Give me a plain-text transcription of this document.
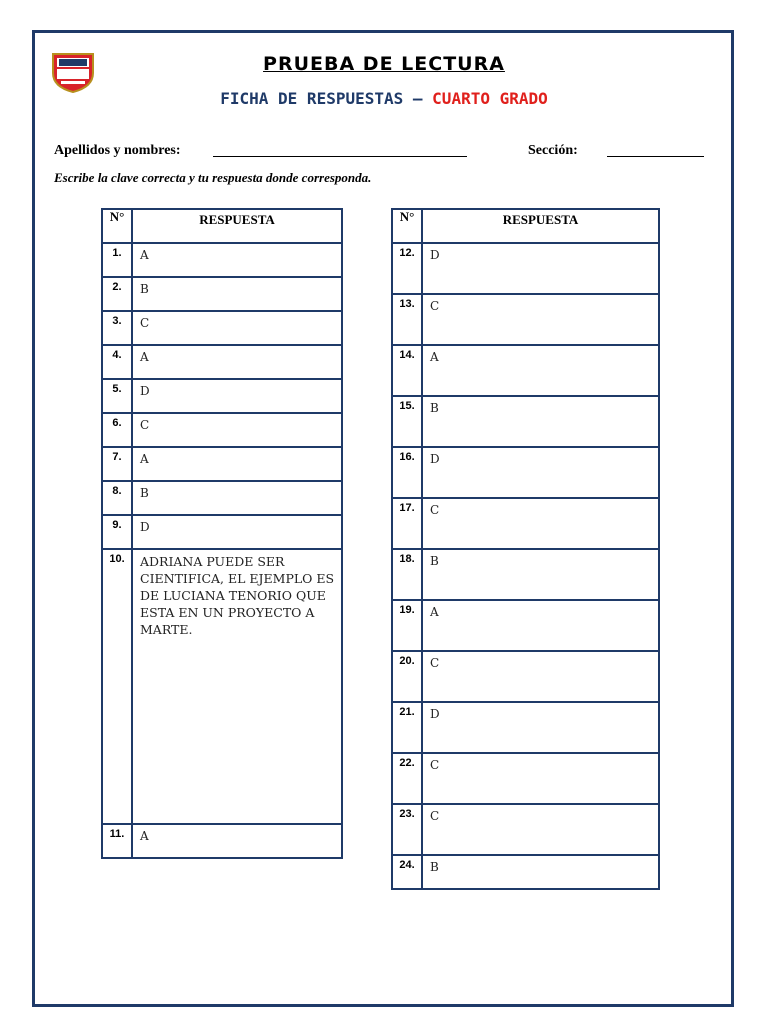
PRUEBA DE LECTURA
FICHA DE RESPUESTAS – CUARTO GRADO
Apellidos y nombres:	Sección:
Escribe la clave correcta y tu respuesta donde corresponda.
N°	RESPUESTA
1.	A
2.	B
3.	C
4.	A
5.	D
6.	C
7.	A
8.	B
9.	D
10.	ADRIANA PUEDE SER CIENTIFICA, EL EJEMPLO ES DE LUCIANA TENORIO QUE ESTA EN UN PROYECTO A MARTE.
11.	A
N°	RESPUESTA
12.	D
13.	C
14.	A
15.	B
16.	D
17.	C
18.	B
19.	A
20.	C
21.	D
22.	C
23.	C
24.	B
